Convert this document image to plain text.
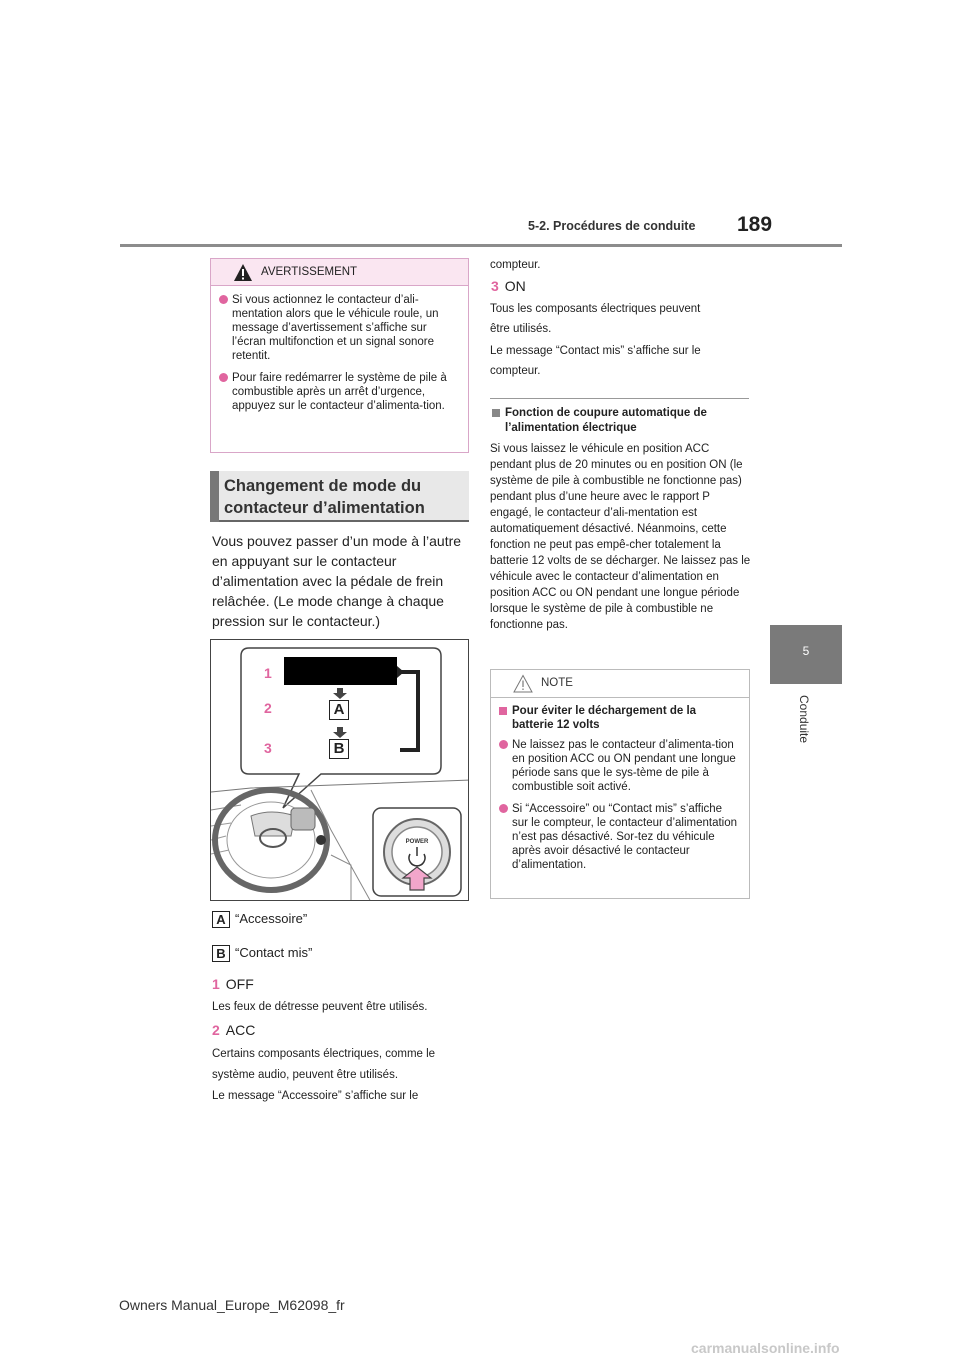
5-2. Procédures de conduite 189
5
Conduite
AVERTISSEMENT
Si vous actionnez le contacteur d’ali-mentation alors que le véhicule roule, un message d’avertissement s’affiche sur l’écran multifonction et un signal sonore retentit.
Pour faire redémarrer le système de pile à combustible après un arrêt d’urgence, appuyez sur le contacteur d’alimenta-tion.
Changement de mode du
contacteur d’alimentation
Vous pouvez passer d’un mode à l’autre en appuyant sur le contacteur d’alimentation avec la pédale de frein relâchée. (Le mode change à chaque pression sur le contacteur.)
1
2
3
A
B
POWER
A “Accessoire”
B “Contact mis”
1 OFF
Les feux de détresse peuvent être utilisés.
2 ACC
Certains composants électriques, comme le
système audio, peuvent être utilisés.
Le message “Accessoire” s’affiche sur le
compteur.
3 ON
Tous les composants électriques peuvent
être utilisés.
Le message “Contact mis” s’affiche sur le
compteur.
Fonction de coupure automatique de l’alimentation électrique
Si vous laissez le véhicule en position ACC pendant plus de 20 minutes ou en position ON (le système de pile à combustible ne fonctionne pas) pendant plus d’une heure avec le rapport P engagé, le contacteur d’ali-mentation est automatiquement désactivé. Néanmoins, cette fonction ne peut pas empê-cher totalement la batterie 12 volts de se décharger. Ne laissez pas le véhicule avec le contacteur d’alimentation en position ACC ou ON pendant une longue période lorsque le système de pile à combustible ne fonctionne pas.
NOTE
Pour éviter le déchargement de la batterie 12 volts
Ne laissez pas le contacteur d’alimenta-tion en position ACC ou ON pendant une longue période sans que le sys-tème de pile à combustible soit activé.
Si “Accessoire” ou “Contact mis” s’affiche sur le compteur, le contacteur d’alimentation n’est pas désactivé. Sor-tez du véhicule après avoir désactivé le contacteur d’alimentation.
Owners Manual_Europe_M62098_fr
carmanualsonline.info
